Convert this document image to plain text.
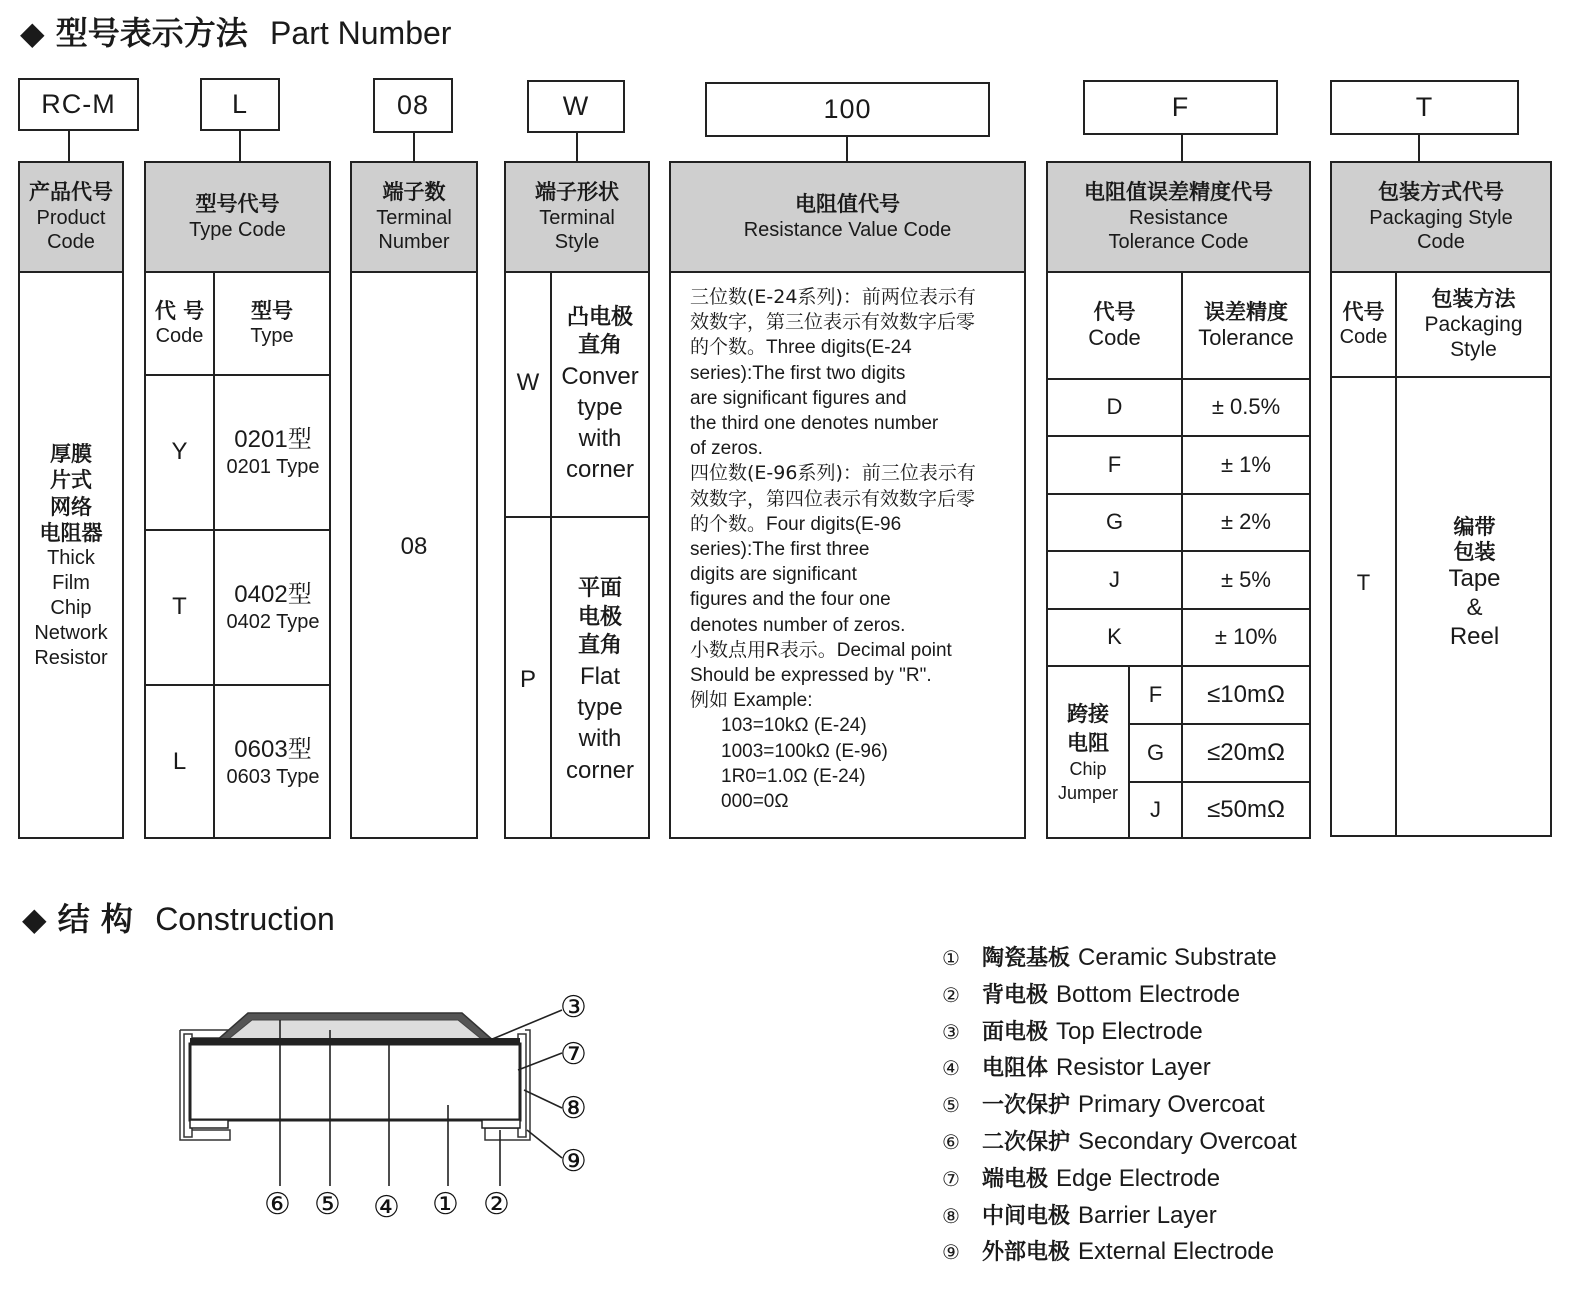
◆ 型号表示方法 Part Number
RC-M	L	08	W	100	F	T
产品代号
Product
Code
厚膜
片式
网络
电阻器
Thick
Film
Chip
Network
Resistor
型号代号
Type Code
代 号
Code
型号
Type
Y	0201型
0201 Type
T	0402型
0402 Type
L	0603型
0603 Type
端子数
Terminal
Number
08
端子形状
Terminal
Style
W
凸电极
直角
Conver
type
with
corner
P
平面
电极
直角
Flat
type
with
corner
电阻值代号
Resistance Value Code
三位数(E-24系列)：前两位表示有
效数字，第三位表示有效数字后零
的个数。Three digits(E-24
series):The first two digits
are significant figures and
the third one denotes number
of zeros.
四位数(E-96系列)：前三位表示有
效数字，第四位表示有效数字后零
的个数。Four digits(E-96
series):The first three
digits are significant
figures and the four one
denotes number of zeros.
小数点用R表示。Decimal point
Should be expressed by "R".
例如 Example:
103=10kΩ (E-24)
1003=100kΩ (E-96)
1R0=1.0Ω (E-24)
000=0Ω
电阻值误差精度代号
Resistance
Tolerance Code
代号
Code
误差精度
Tolerance
D	± 0.5%
F	± 1%
G	± 2%
J	± 5%
K	± 10%
跨接
电阻
Chip
Jumper
F	≤10mΩ
G	≤20mΩ
J	≤50mΩ
包装方式代号
Packaging Style
Code
代号
Code
包装方法
Packaging
Style
T
编带
包装
Tape
&
Reel
◆ 结 构 Construction
⑥ ⑤ ④ ① ②
③
⑦
⑧
⑨
① 陶瓷基板 Ceramic Substrate
② 背电极 Bottom Electrode
③ 面电极 Top Electrode
④ 电阻体 Resistor Layer
⑤ 一次保护 Primary Overcoat
⑥ 二次保护 Secondary Overcoat
⑦ 端电极 Edge Electrode
⑧ 中间电极 Barrier Layer
⑨ 外部电极 External Electrode
